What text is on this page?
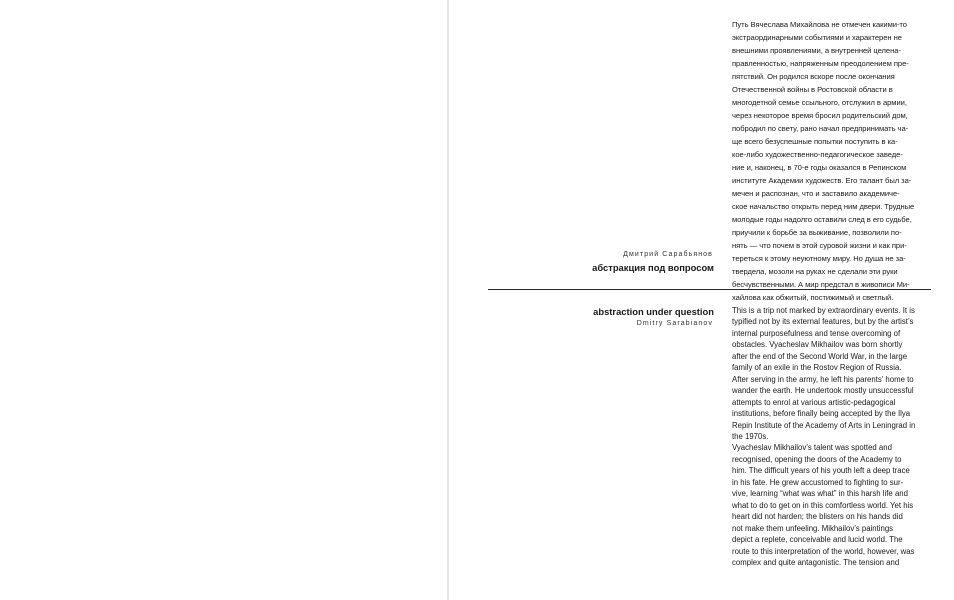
Путь Вячеслава Михайлова не отмечен какими-то
экстраординарными событиями и характерен не
внешними проявлениями, а внутренней целена-
правленностью, напряженным преодолением пре-
пятствий. Он родился вскоре после окончания
Отечественной войны в Ростовской области в
многодетной семье ссыльного, отслужил в армии,
через некоторое время бросил родительский дом,
побродил по свету, рано начал предпринимать ча-
ще всего безуспешные попытки поступить в ка-
кое-либо художественно-педагогическое заведе-
ние и, наконец, в 70-е годы оказался в Репинском
институте Академии художеств. Его талант был за-
мечен и распознан, что и заставило академиче-
ское начальство открыть перед ним двери. Трудные
молодые годы надолго оставили след в его судьбе,
приучили к борьбе за выживание, позволили по-
нять — что почем в этой суровой жизни и как при-
тереться к этому неуютному миру. Но душа не за-
твердела, мозоли на руках не сделали эти руки
бесчувственными. А мир предстал в живописи Ми-
хайлова как обжитый, постижимый и светлый.

Дмитрий Сарабьянов

абстракция под вопросом
abstraction under question

Dmitry Sarabianov

This is a trip not marked by extraordinary events. It is
typified not by its external features, but by the artist’s
internal purposefulness and tense overcoming of
obstacles. Vyacheslav Mikhailov was born shortly
after the end of the Second World War, in the large
family of an exile in the Rostov Region of Russia.
After serving in the army, he left his parents’ home to
wander the earth. He undertook mostly unsuccessful
attempts to enrol at various artistic-pedagogical
institutions, before finally being accepted by the Ilya
Repin Institute of the Academy of Arts in Leningrad in
the 1970s.
Vyacheslav Mikhailov’s talent was spotted and
recognised, opening the doors of the Academy to
him. The difficult years of his youth left a deep trace
in his fate. He grew accustomed to fighting to sur-
vive, learning “what was what” in this harsh life and
what to do to get on in this comfortless world. Yet his
heart did not harden; the blisters on his hands did
not make them unfeeling. Mikhailov’s paintings
depict a replete, conceivable and lucid world. The
route to this interpretation of the world, however, was
complex and quite antagonistic. The tension and
